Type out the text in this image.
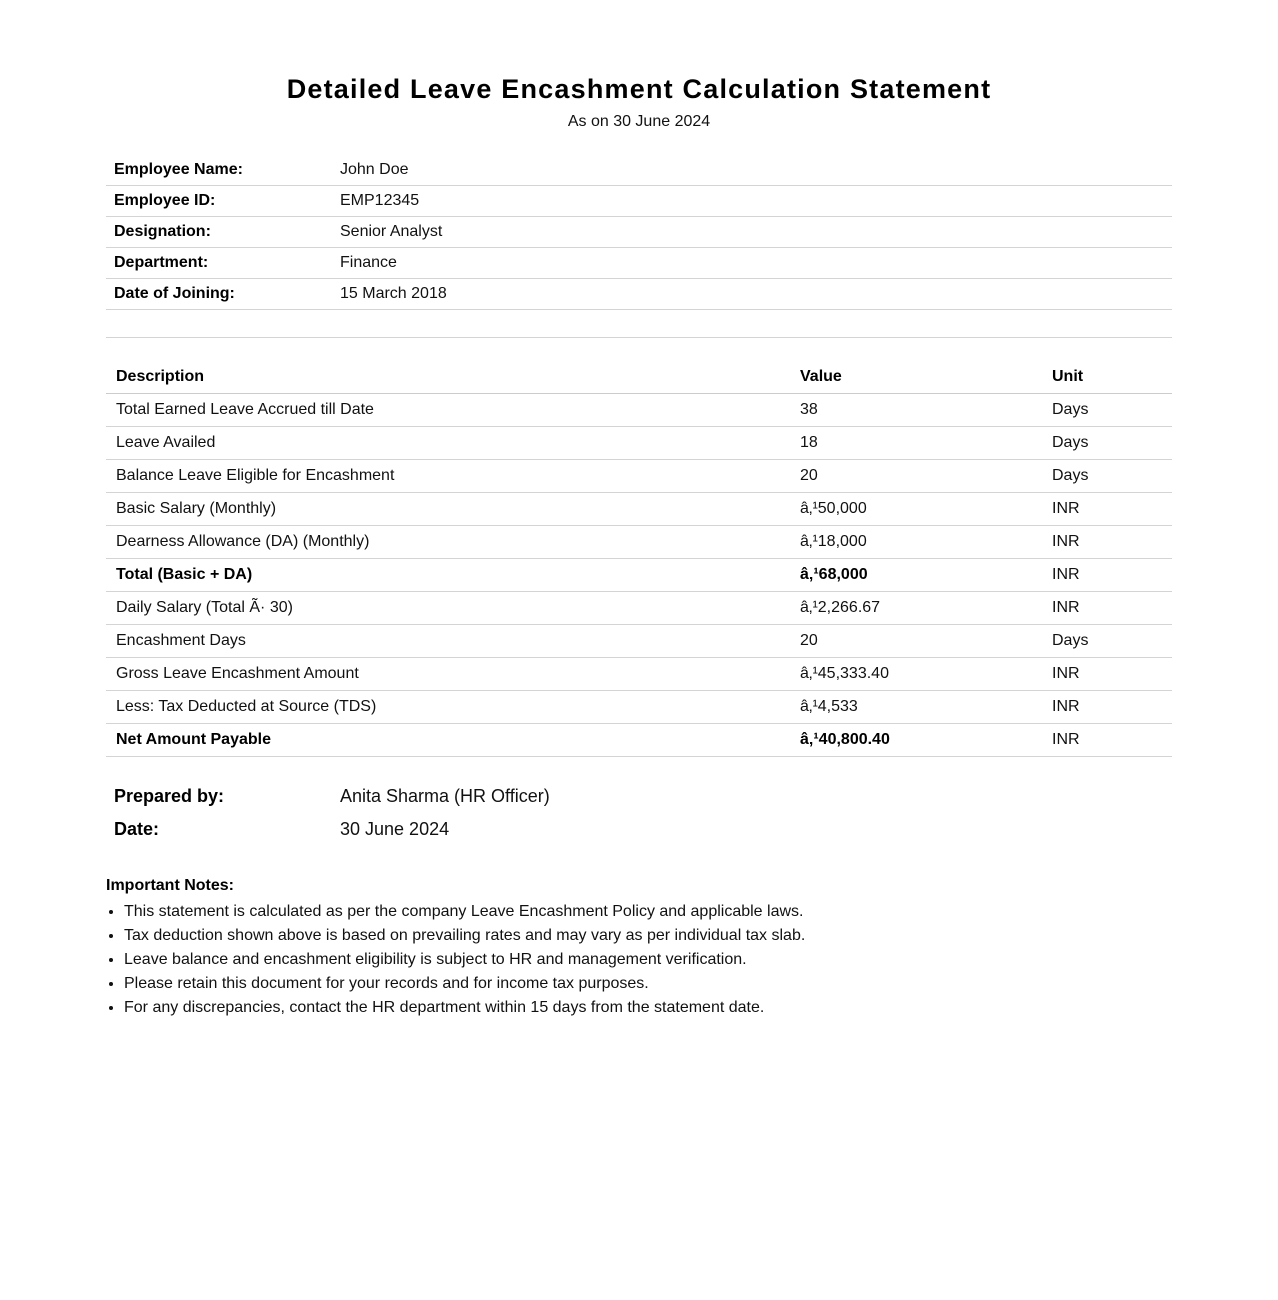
Detailed Leave Encashment Calculation Statement
As on 30 June 2024
Employee Name:	John Doe
Employee ID:	EMP12345
Designation:	Senior Analyst
Department:	Finance
Date of Joining:	15 March 2018
Description	Value	Unit
Total Earned Leave Accrued till Date	38	Days
Leave Availed	18	Days
Balance Leave Eligible for Encashment	20	Days
Basic Salary (Monthly)	â‚¹50,000	INR
Dearness Allowance (DA) (Monthly)	â‚¹18,000	INR
Total (Basic + DA)	â‚¹68,000	INR
Daily Salary (Total Ã· 30)	â‚¹2,266.67	INR
Encashment Days	20	Days
Gross Leave Encashment Amount	â‚¹45,333.40	INR
Less: Tax Deducted at Source (TDS)	â‚¹4,533	INR
Net Amount Payable	â‚¹40,800.40	INR
Prepared by:	Anita Sharma (HR Officer)
Date:	30 June 2024
Important Notes:
• This statement is calculated as per the company Leave Encashment Policy and applicable laws.
• Tax deduction shown above is based on prevailing rates and may vary as per individual tax slab.
• Leave balance and encashment eligibility is subject to HR and management verification.
• Please retain this document for your records and for income tax purposes.
• For any discrepancies, contact the HR department within 15 days from the statement date.
